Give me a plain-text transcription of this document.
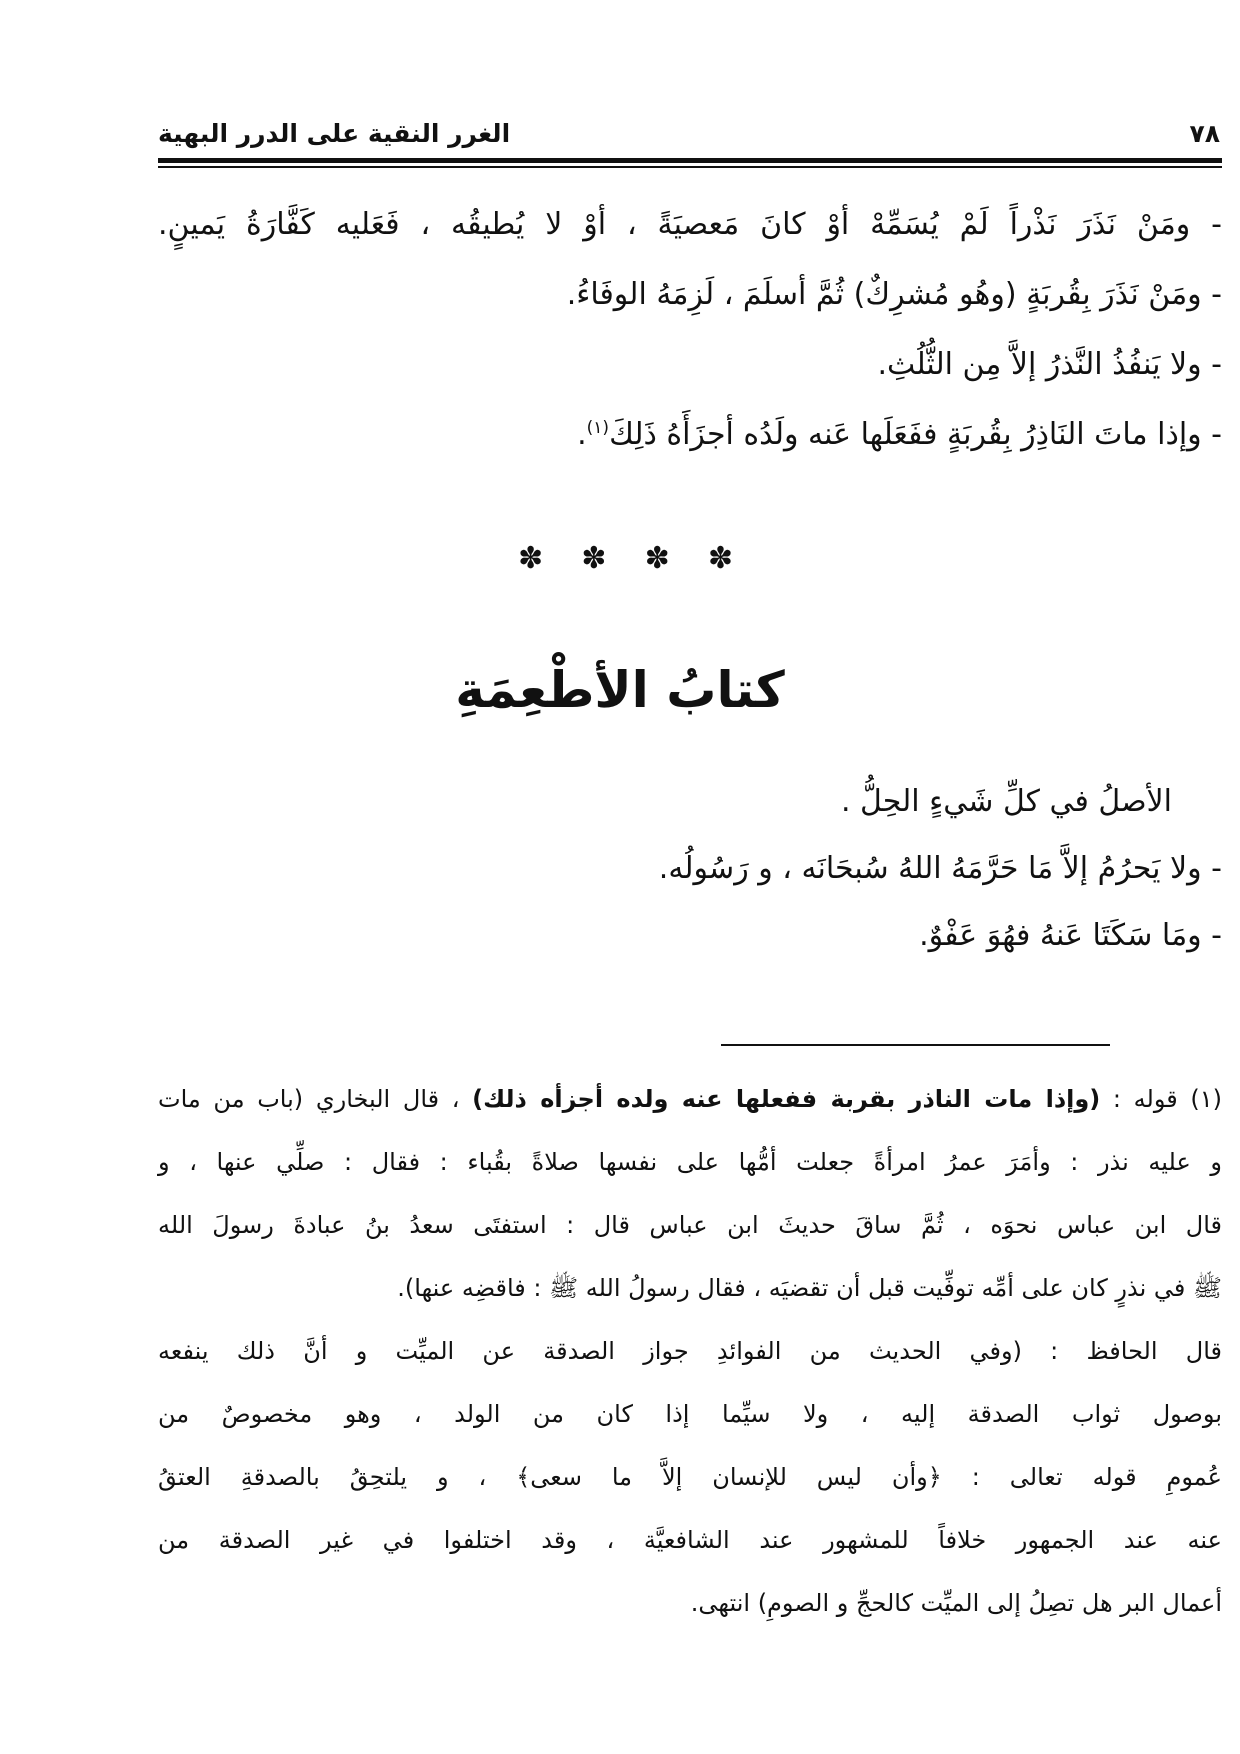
٧٨
الغرر النقية على الدرر البهية
- ومَنْ نَذَرَ نَذْراً لَمْ يُسَمِّهْ أوْ كانَ مَعصيَةً ، أوْ لا يُطيقُه ، فَعَليه كَفَّارَةُ يَمينٍ.
- ومَنْ نَذَرَ بِقُربَةٍ (وهُو مُشرِكٌ) ثُمَّ أسلَمَ ، لَزِمَهُ الوفَاءُ.
- ولا يَنفُذُ النَّذرُ إلاَّ مِن الثُّلُثِ.
- وإذا ماتَ النَاذِرُ بِقُربَةٍ ففَعَلَها عَنه ولَدُه أجزَأَهُ ذَلِكَ$^{(١)}$.
✽ ✽ ✽ ✽
كتابُ الأطْعِمَةِ
الأصلُ في كلِّ شَيءٍ الحِلُّ .
- ولا يَحرُمُ إلاَّ مَا حَرَّمَهُ اللهُ سُبحَانَه ، و رَسُولُه.
- ومَا سَكَتَا عَنهُ فهُوَ عَفْوٌ.
(١) قوله : (وإذا مات الناذر بقربة ففعلها عنه ولده أجزأه ذلك) ، قال البخاري (باب من مات
و عليه نذر : وأمَرَ عمرُ امرأةً جعلت أمُّها على نفسها صلاةً بقُباء : فقال : صلِّي عنها ، و
قال ابن عباس نحوَه ، ثُمَّ ساقَ حديثَ ابن عباس قال : استفتَى سعدُ بنُ عبادةَ رسولَ الله
ﷺ في نذرٍ كان على أمِّه توفِّيت قبل أن تقضيَه ، فقال رسولُ الله ﷺ : فاقضِه عنها).
قال الحافظ : (وفي الحديث من الفوائدِ جواز الصدقة عن الميِّت و أنَّ ذلك ينفعه
بوصول ثواب الصدقة إليه ، ولا سيِّما إذا كان من الولد ، وهو مخصوصٌ من
عُمومِ قوله تعالى : ﴿وأن ليس للإنسان إلاَّ ما سعى﴾ ، و يلتحِقُ بالصدقةِ العتقُ
عنه عند الجمهور خلافاً للمشهور عند الشافعيَّة ، وقد اختلفوا في غير الصدقة من
أعمال البر هل تصِلُ إلى الميِّت كالحجِّ و الصومِ) انتهى.
